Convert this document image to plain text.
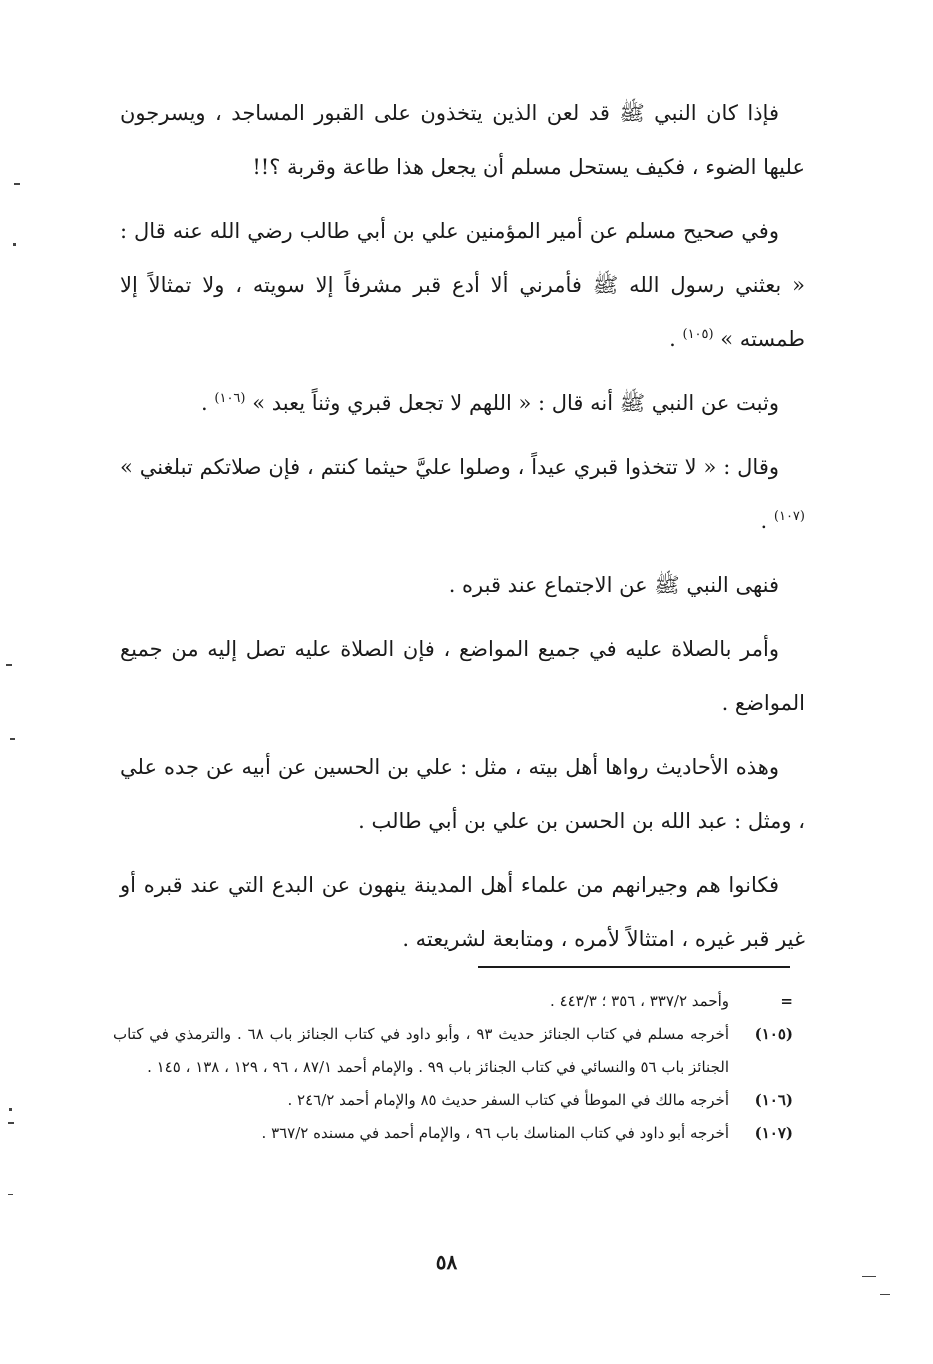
فإذا كان النبي ﷺ قد لعن الذين يتخذون على القبور المساجد ، ويسرجون عليها الضوء ، فكيف يستحل مسلم أن يجعل هذا طاعة وقربة ؟!!

وفي صحيح مسلم عن أمير المؤمنين علي بن أبي طالب رضي الله عنه قال : « بعثني رسول الله ﷺ فأمرني ألا أدع قبر مشرفاً إلا سويته ، ولا تمثالاً إلا طمسته » $^{(١٠٥)}$ .

وثبت عن النبي ﷺ أنه قال : « اللهم لا تجعل قبري وثناً يعبد » $^{(١٠٦)}$ .

وقال : « لا تتخذوا قبري عيداً ، وصلوا عليَّ حيثما كنتم ، فإن صلاتكم تبلغني » $^{(١٠٧)}$ .

فنهى النبي ﷺ عن الاجتماع عند قبره .

وأمر بالصلاة عليه في جميع المواضع ، فإن الصلاة عليه تصل إليه من جميع المواضع .

وهذه الأحاديث رواها أهل بيته ، مثل : علي بن الحسين عن أبيه عن جده علي ، ومثل : عبد الله بن الحسن بن علي بن أبي طالب .

فكانوا هم وجيرانهم من علماء أهل المدينة ينهون عن البدع التي عند قبره أو غير قبر غيره ، امتثالاً لأمره ، ومتابعة لشريعته .

=
وأحمد ٣٣٧/٢ ، ٣٥٦ ؛ ٤٤٣/٣ .
(١٠٥)
أخرجه مسلم في كتاب الجنائز حديث ٩٣ ، وأبو داود في كتاب الجنائز باب ٦٨ . والترمذي في كتاب الجنائز باب ٥٦ والنسائي في كتاب الجنائز باب ٩٩ . والإمام أحمد ٨٧/١ ، ٩٦ ، ١٢٩ ، ١٣٨ ، ١٤٥ .
(١٠٦)
أخرجه مالك في الموطأ في كتاب السفر حديث ٨٥ والإمام أحمد ٢٤٦/٢ .
(١٠٧)
أخرجه أبو داود في كتاب المناسك باب ٩٦ ، والإمام أحمد في مسنده ٣٦٧/٢ .
٥٨
